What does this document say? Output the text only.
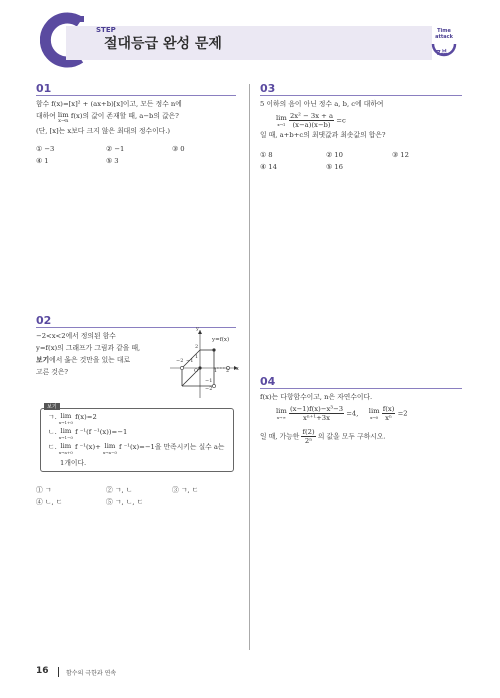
STEP
절대등급 완성 문제
Time
attack
7분
01
함수 f(x)=[x]² + (ax+b)[x]이고, 모든 정수 n에
대하여 lim
x→n
f(x)의 값이 존재할 때, a−b의 값은?
(단, [x]는 x보다 크지 않은 최대의 정수이다.)
① −3	② −1	③ 0
④ 1	⑤ 3
02
−2<x<2에서 정의된 함수
y=f(x)의 그래프가 그림과 같을 때,
보기에서 옳은 것만을 있는 대로
고른 것은?
y=f(x)
y
x
O
2
1
−2 −1
1 2
−1
−2
보기
ㄱ. lim
x→1+0
f(x)=2
ㄴ. lim
x→1−0
f ⁻¹(f ⁻¹(x))=−1
ㄷ. lim
x→a+0
f ⁻¹(x)+ lim
x→a−0
f ⁻¹(x)=−1을 만족시키는 실수 a는
1개이다.
① ㄱ	② ㄱ, ㄴ	③ ㄱ, ㄷ
④ ㄴ, ㄷ	⑤ ㄱ, ㄴ, ㄷ
03
5 이하의 음이 아닌 정수 a, b, c에 대하여
lim
x→1
$\frac{\text{2x² − 3x + a}}{(x-a)(x-b)} =c$
일 때, a+b+c의 최댓값과 최솟값의 합은?
① 8	② 10	③ 12
④ 14	⑤ 16
04
f(x)는 다항함수이고, n은 자연수이다.
lim
x→∞
$\frac{\text{(x−1)f(x)−x³−3}}{\text{xⁿ⁺¹+3x}} =4$, lim
x→0
$\frac{f(x)}{\text{xⁿ}} =2$
일 때, 가능한 $\frac{f(2)}{\text{2ⁿ}}$ 의 값을 모두 구하시오.
16	함수의 극한과 연속
